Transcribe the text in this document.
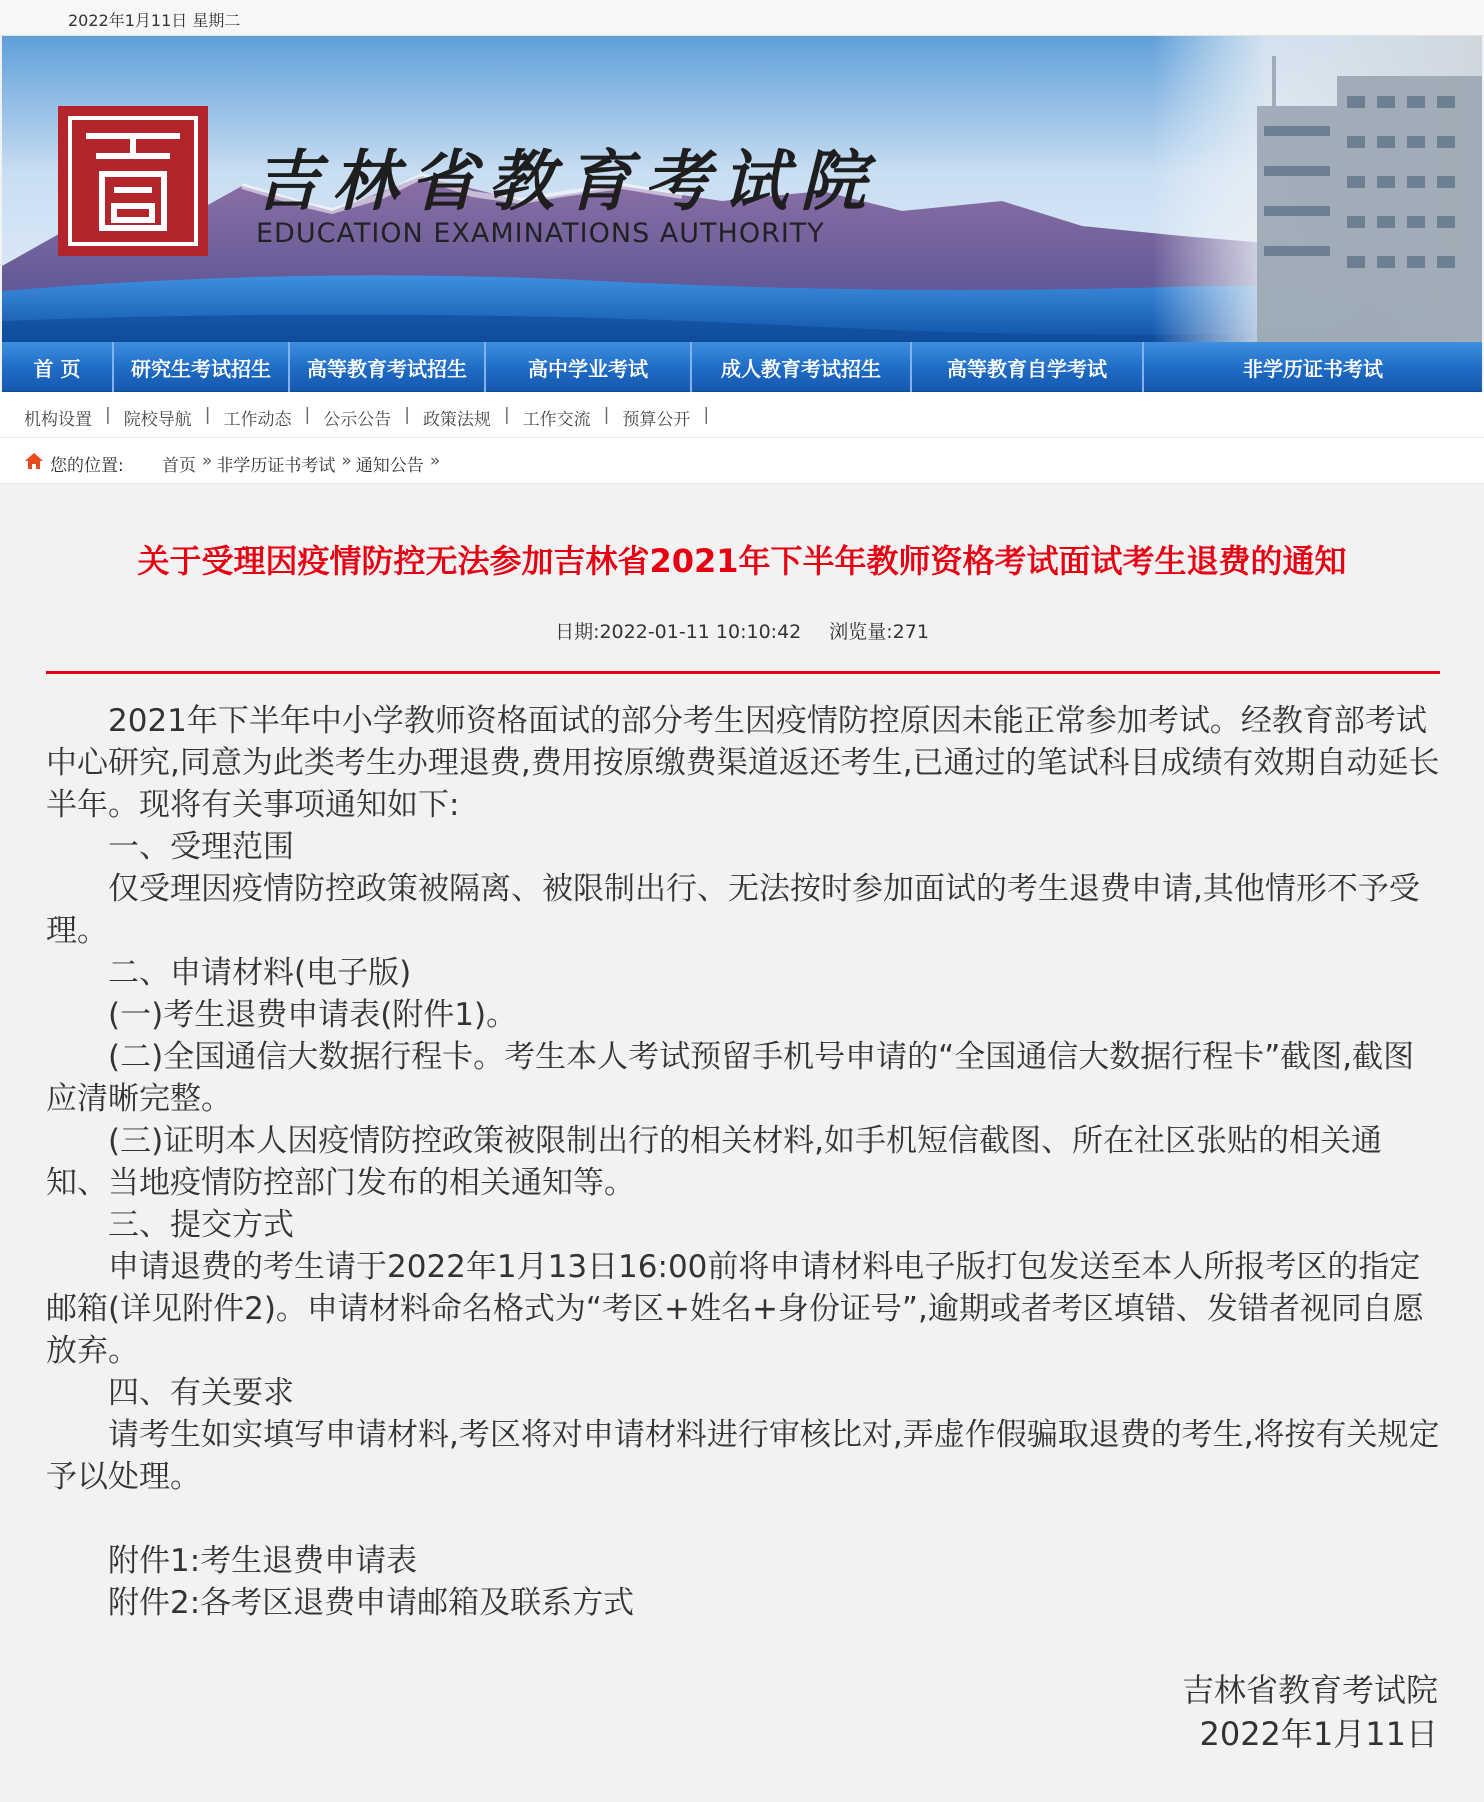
2022年1月11日 星期二
吉林省教育考试院
EDUCATION EXAMINATIONS AUTHORITY
首 页	研究生考试招生	高等教育考试招生	高中学业考试	成人教育考试招生	高等教育自学考试	非学历证书考试
机构设置 | 院校导航 | 工作动态 | 公示公告 | 政策法规 | 工作交流 | 预算公开 |
您的位置: 首页 » 非学历证书考试 » 通知公告 »
关于受理因疫情防控无法参加吉林省2021年下半年教师资格考试面试考生退费的通知
日期:2022-01-11 10:10:42 浏览量:271

2021年下半年中小学教师资格面试的部分考生因疫情防控原因未能正常参加考试。经教育部考试中心研究,同意为此类考生办理退费,费用按原缴费渠道返还考生,已通过的笔试科目成绩有效期自动延长半年。现将有关事项通知如下:

一、受理范围

仅受理因疫情防控政策被隔离、被限制出行、无法按时参加面试的考生退费申请,其他情形不予受理。

二、申请材料(电子版)

(一)考生退费申请表(附件1)。

(二)全国通信大数据行程卡。考生本人考试预留手机号申请的“全国通信大数据行程卡”截图,截图应清晰完整。

(三)证明本人因疫情防控政策被限制出行的相关材料,如手机短信截图、所在社区张贴的相关通知、当地疫情防控部门发布的相关通知等。

三、提交方式

申请退费的考生请于2022年1月13日16:00前将申请材料电子版打包发送至本人所报考区的指定邮箱(详见附件2)。申请材料命名格式为“考区+姓名+身份证号”,逾期或者考区填错、发错者视同自愿放弃。

四、有关要求

请考生如实填写申请材料,考区将对申请材料进行审核比对,弄虚作假骗取退费的考生,将按有关规定予以处理。

附件1:考生退费申请表

附件2:各考区退费申请邮箱及联系方式

吉林省教育考试院
2022年1月11日
